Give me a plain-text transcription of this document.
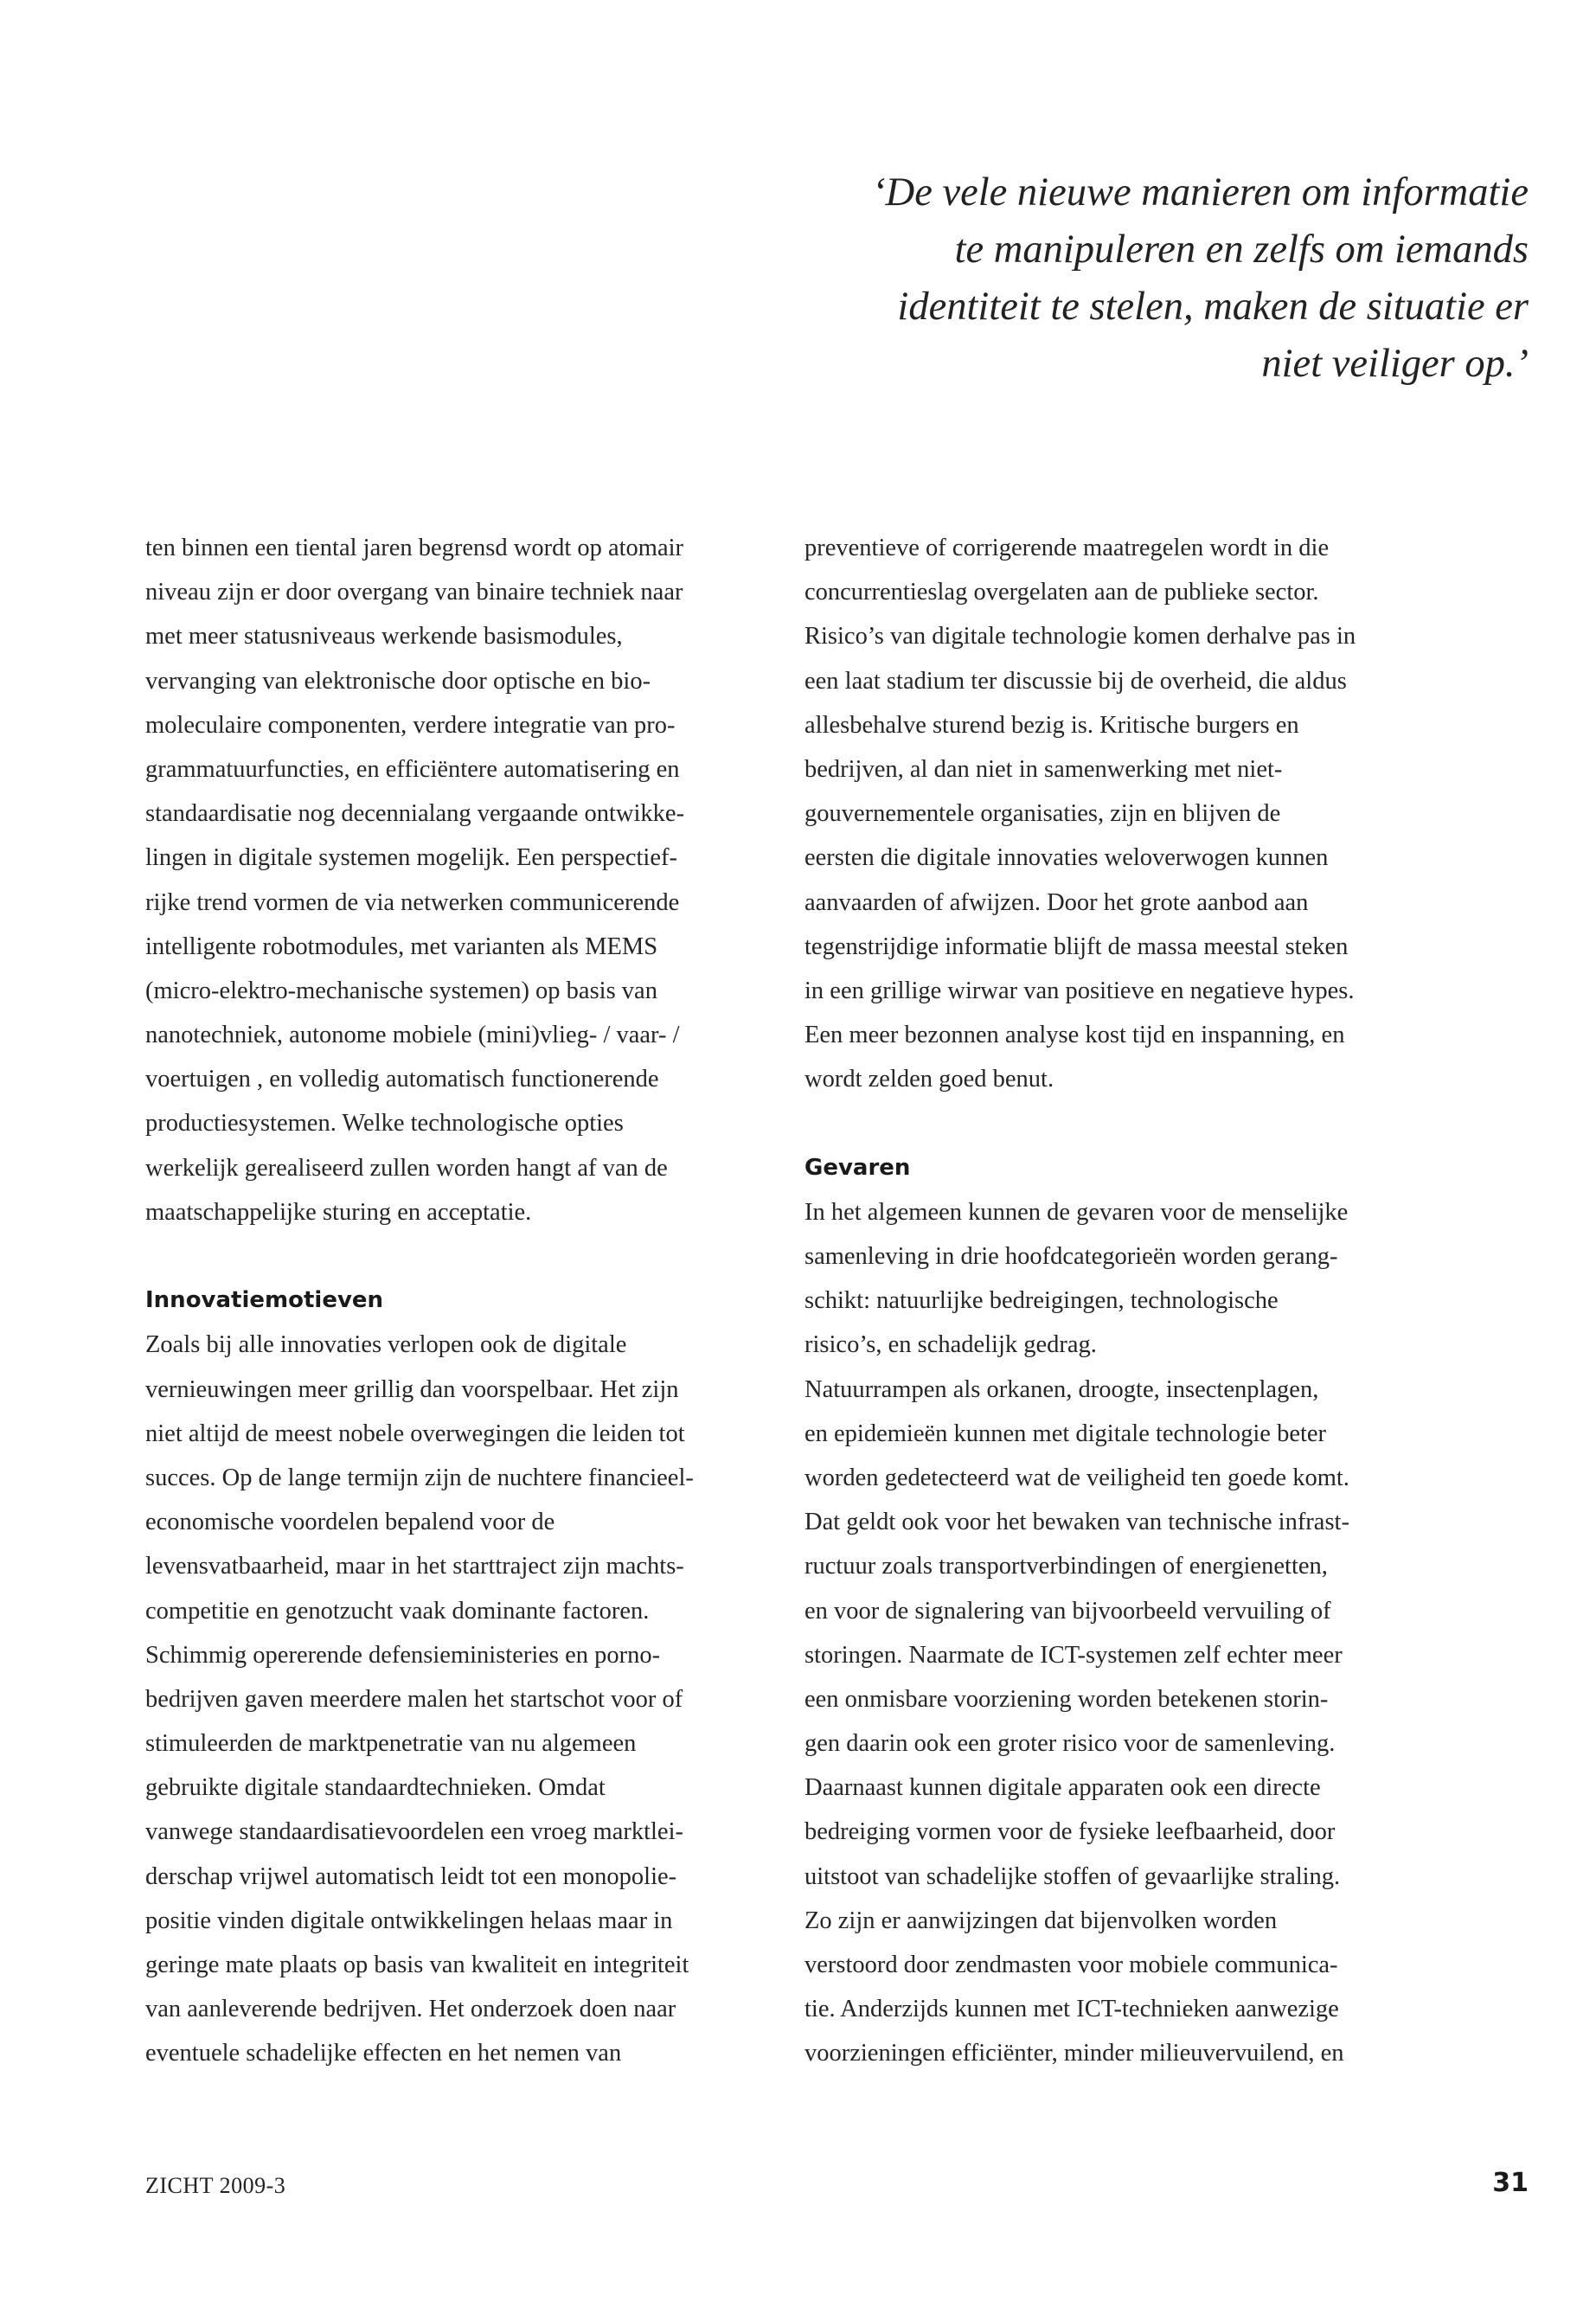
‘De vele nieuwe manieren om informatie
te manipuleren en zelfs om iemands
identiteit te stelen, maken de situatie er
niet veiliger op.’
ten binnen een tiental jaren begrensd wordt op atomair
niveau zijn er door overgang van binaire techniek naar
met meer statusniveaus werkende basismodules,
vervanging van elektronische door optische en bio-
moleculaire componenten, verdere integratie van pro-
grammatuurfuncties, en efficiëntere automatisering en
standaardisatie nog decennialang vergaande ontwikke-
lingen in digitale systemen mogelijk. Een perspectief-
rijke trend vormen de via netwerken communicerende
intelligente robotmodules, met varianten als MEMS
(micro-elektro-mechanische systemen) op basis van
nanotechniek, autonome mobiele (mini)vlieg- / vaar- /
voertuigen , en volledig automatisch functionerende
productiesystemen. Welke technologische opties
werkelijk gerealiseerd zullen worden hangt af van de
maatschappelijke sturing en acceptatie.
Innovatiemotieven
Zoals bij alle innovaties verlopen ook de digitale
vernieuwingen meer grillig dan voorspelbaar. Het zijn
niet altijd de meest nobele overwegingen die leiden tot
succes. Op de lange termijn zijn de nuchtere financieel-
economische voordelen bepalend voor de
levensvatbaarheid, maar in het starttraject zijn machts-
competitie en genotzucht vaak dominante factoren.
Schimmig opererende defensieministeries en porno-
bedrijven gaven meerdere malen het startschot voor of
stimuleerden de marktpenetratie van nu algemeen
gebruikte digitale standaardtechnieken. Omdat
vanwege standaardisatievoordelen een vroeg marktlei-
derschap vrijwel automatisch leidt tot een monopolie-
positie vinden digitale ontwikkelingen helaas maar in
geringe mate plaats op basis van kwaliteit en integriteit
van aanleverende bedrijven. Het onderzoek doen naar
eventuele schadelijke effecten en het nemen van
preventieve of corrigerende maatregelen wordt in die
concurrentieslag overgelaten aan de publieke sector.
Risico’s van digitale technologie komen derhalve pas in
een laat stadium ter discussie bij de overheid, die aldus
allesbehalve sturend bezig is. Kritische burgers en
bedrijven, al dan niet in samenwerking met niet-
gouvernementele organisaties, zijn en blijven de
eersten die digitale innovaties weloverwogen kunnen
aanvaarden of afwijzen. Door het grote aanbod aan
tegenstrijdige informatie blijft de massa meestal steken
in een grillige wirwar van positieve en negatieve hypes.
Een meer bezonnen analyse kost tijd en inspanning, en
wordt zelden goed benut.
Gevaren
In het algemeen kunnen de gevaren voor de menselijke
samenleving in drie hoofdcategorieën worden gerang-
schikt: natuurlijke bedreigingen, technologische
risico’s, en schadelijk gedrag.
Natuurrampen als orkanen, droogte, insectenplagen,
en epidemieën kunnen met digitale technologie beter
worden gedetecteerd wat de veiligheid ten goede komt.
Dat geldt ook voor het bewaken van technische infrast-
ructuur zoals transportverbindingen of energienetten,
en voor de signalering van bijvoorbeeld vervuiling of
storingen. Naarmate de ICT-systemen zelf echter meer
een onmisbare voorziening worden betekenen storin-
gen daarin ook een groter risico voor de samenleving.
Daarnaast kunnen digitale apparaten ook een directe
bedreiging vormen voor de fysieke leefbaarheid, door
uitstoot van schadelijke stoffen of gevaarlijke straling.
Zo zijn er aanwijzingen dat bijenvolken worden
verstoord door zendmasten voor mobiele communica-
tie. Anderzijds kunnen met ICT-technieken aanwezige
voorzieningen efficiënter, minder milieuvervuilend, en
ZICHT 2009-3	31
